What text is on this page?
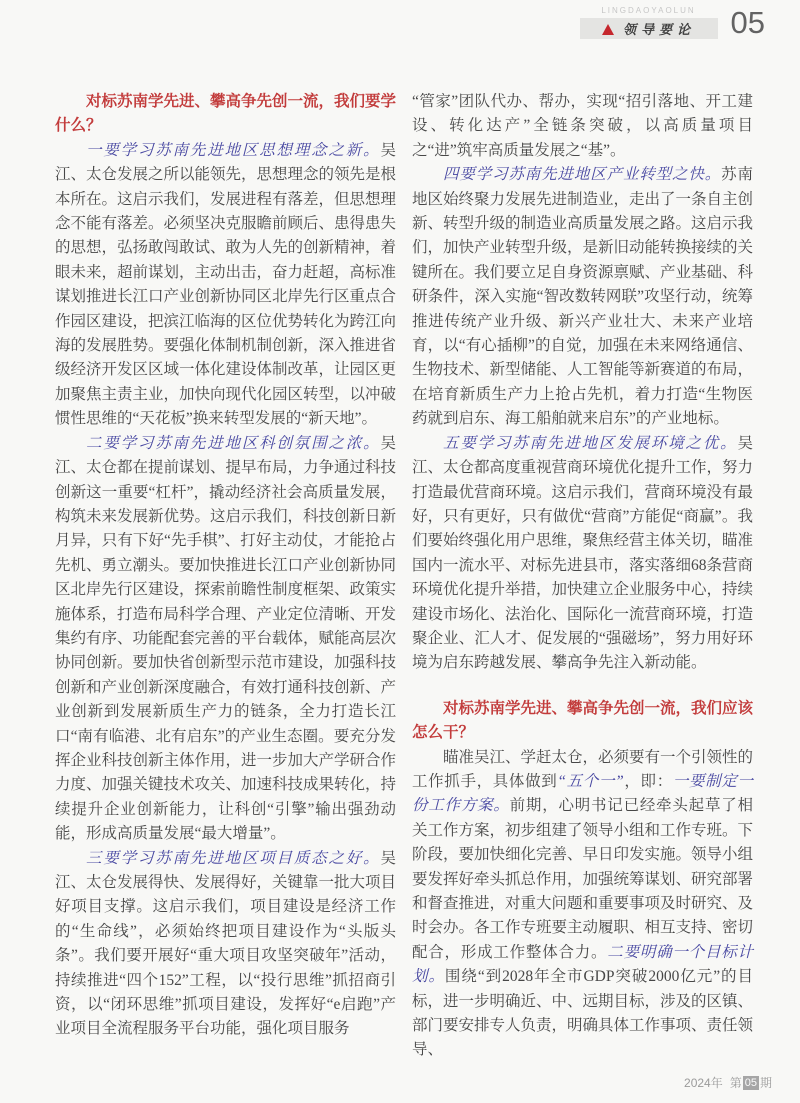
LINGDAOYAOLUN
领导要论 05
对标苏南学先进、攀高争先创一流，我们要学什么？

一要学习苏南先进地区思想理念之新。吴江、太仓发展之所以能领先，思想理念的领先是根本所在。这启示我们，发展进程有落差，但思想理念不能有落差。必须坚决克服瞻前顾后、患得患失的思想，弘扬敢闯敢试、敢为人先的创新精神，着眼未来，超前谋划，主动出击，奋力赶超，高标准谋划推进长江口产业创新协同区北岸先行区重点合作园区建设，把滨江临海的区位优势转化为跨江向海的发展胜势。要强化体制机制创新，深入推进省级经济开发区区域一体化建设体制改革，让园区更加聚焦主责主业，加快向现代化园区转型，以冲破惯性思维的“天花板”换来转型发展的“新天地”。

二要学习苏南先进地区科创氛围之浓。吴江、太仓都在提前谋划、提早布局，力争通过科技创新这一重要“杠杆”，撬动经济社会高质量发展，构筑未来发展新优势。这启示我们，科技创新日新月异，只有下好“先手棋”、打好主动仗，才能抢占先机、勇立潮头。要加快推进长江口产业创新协同区北岸先行区建设，探索前瞻性制度框架、政策实施体系，打造布局科学合理、产业定位清晰、开发集约有序、功能配套完善的平台载体，赋能高层次协同创新。要加快省创新型示范市建设，加强科技创新和产业创新深度融合，有效打通科技创新、产业创新到发展新质生产力的链条，全力打造长江口“南有临港、北有启东”的产业生态圈。要充分发挥企业科技创新主体作用，进一步加大产学研合作力度、加强关键技术攻关、加速科技成果转化，持续提升企业创新能力，让科创“引擎”输出强劲动能，形成高质量发展“最大增量”。

三要学习苏南先进地区项目质态之好。吴江、太仓发展得快、发展得好，关键靠一批大项目好项目支撑。这启示我们，项目建设是经济工作的“生命线”，必须始终把项目建设作为“头版头条”。我们要开展好“重大项目攻坚突破年”活动，持续推进“四个152”工程，以“投行思维”抓招商引资，以“闭环思维”抓项目建设，发挥好“e启跑”产业项目全流程服务平台功能，强化项目服务

“管家”团队代办、帮办，实现“招引落地、开工建设、转化达产”全链条突破，以高质量项目之“进”筑牢高质量发展之“基”。

四要学习苏南先进地区产业转型之快。苏南地区始终聚力发展先进制造业，走出了一条自主创新、转型升级的制造业高质量发展之路。这启示我们，加快产业转型升级，是新旧动能转换接续的关键所在。我们要立足自身资源禀赋、产业基础、科研条件，深入实施“智改数转网联”攻坚行动，统筹推进传统产业升级、新兴产业壮大、未来产业培育，以“有心插柳”的自觉，加强在未来网络通信、生物技术、新型储能、人工智能等新赛道的布局，在培育新质生产力上抢占先机，着力打造“生物医药就到启东、海工船舶就来启东”的产业地标。

五要学习苏南先进地区发展环境之优。吴江、太仓都高度重视营商环境优化提升工作，努力打造最优营商环境。这启示我们，营商环境没有最好，只有更好，只有做优“营商”方能促“商赢”。我们要始终强化用户思维，聚焦经营主体关切，瞄准国内一流水平、对标先进县市，落实落细68条营商环境优化提升举措，加快建立企业服务中心，持续建设市场化、法治化、国际化一流营商环境，打造聚企业、汇人才、促发展的“强磁场”，努力用好环境为启东跨越发展、攀高争先注入新动能。

对标苏南学先进、攀高争先创一流，我们应该怎么干？

瞄准吴江、学赶太仓，必须要有一个引领性的工作抓手，具体做到“五个一”，即：一要制定一份工作方案。前期，心明书记已经牵头起草了相关工作方案，初步组建了领导小组和工作专班。下阶段，要加快细化完善、早日印发实施。领导小组要发挥好牵头抓总作用，加强统筹谋划、研究部署和督查推进，对重大问题和重要事项及时研究、及时会办。各工作专班要主动履职、相互支持、密切配合，形成工作整体合力。二要明确一个目标计划。围绕“到2028年全市GDP突破2000亿元”的目标，进一步明确近、中、远期目标，涉及的区镇、部门要安排专人负责，明确具体工作事项、责任领导、

2024年 第 05 期
